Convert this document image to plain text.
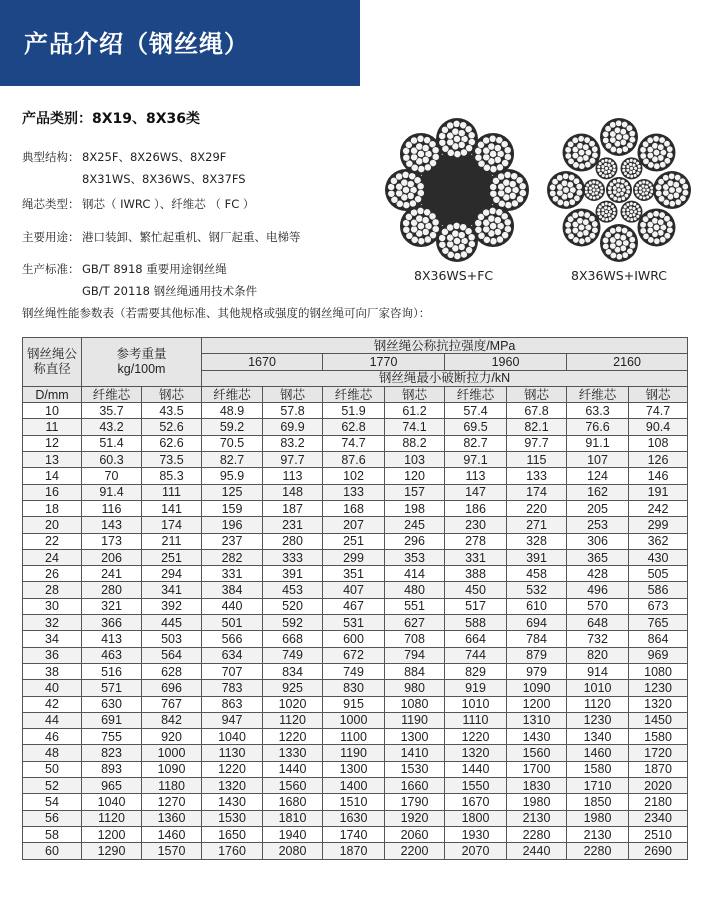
产品介绍（钢丝绳）
产品类别：8X19、8X36类
典型结构： 8X25F、8X26WS、8X29F
8X31WS、8X36WS、8X37FS
绳芯类型： 钢芯（ IWRC ）、纤维芯 （ FC ）
主要用途： 港口装卸、繁忙起重机、钢厂起重、电梯等
生产标准： GB/T 8918 重要用途钢丝绳
GB/T 20118 钢丝绳通用技术条件
8X36WS+FC	8X36WS+IWRC
钢丝绳性能参数表（若需要其他标准、其他规格或强度的钢丝绳可向厂家咨询）：
钢丝绳公称直径	参考重量kg/100m		钢丝绳公称抗拉强度/MPa							
			1670		1770		1960		2160	
			钢丝绳最小破断拉力/kN							
D/mm	纤维芯	钢芯	纤维芯	钢芯	纤维芯	钢芯	纤维芯	钢芯	纤维芯	钢芯
10	35.7	43.5	48.9	57.8	51.9	61.2	57.4	67.8	63.3	74.7
11	43.2	52.6	59.2	69.9	62.8	74.1	69.5	82.1	76.6	90.4
12	51.4	62.6	70.5	83.2	74.7	88.2	82.7	97.7	91.1	108
13	60.3	73.5	82.7	97.7	87.6	103	97.1	115	107	126
14	70	85.3	95.9	113	102	120	113	133	124	146
16	91.4	111	125	148	133	157	147	174	162	191
18	116	141	159	187	168	198	186	220	205	242
20	143	174	196	231	207	245	230	271	253	299
22	173	211	237	280	251	296	278	328	306	362
24	206	251	282	333	299	353	331	391	365	430
26	241	294	331	391	351	414	388	458	428	505
28	280	341	384	453	407	480	450	532	496	586
30	321	392	440	520	467	551	517	610	570	673
32	366	445	501	592	531	627	588	694	648	765
34	413	503	566	668	600	708	664	784	732	864
36	463	564	634	749	672	794	744	879	820	969
38	516	628	707	834	749	884	829	979	914	1080
40	571	696	783	925	830	980	919	1090	1010	1230
42	630	767	863	1020	915	1080	1010	1200	1120	1320
44	691	842	947	1120	1000	1190	1110	1310	1230	1450
46	755	920	1040	1220	1100	1300	1220	1430	1340	1580
48	823	1000	1130	1330	1190	1410	1320	1560	1460	1720
50	893	1090	1220	1440	1300	1530	1440	1700	1580	1870
52	965	1180	1320	1560	1400	1660	1550	1830	1710	2020
54	1040	1270	1430	1680	1510	1790	1670	1980	1850	2180
56	1120	1360	1530	1810	1630	1920	1800	2130	1980	2340
58	1200	1460	1650	1940	1740	2060	1930	2280	2130	2510
60	1290	1570	1760	2080	1870	2200	2070	2440	2280	2690
